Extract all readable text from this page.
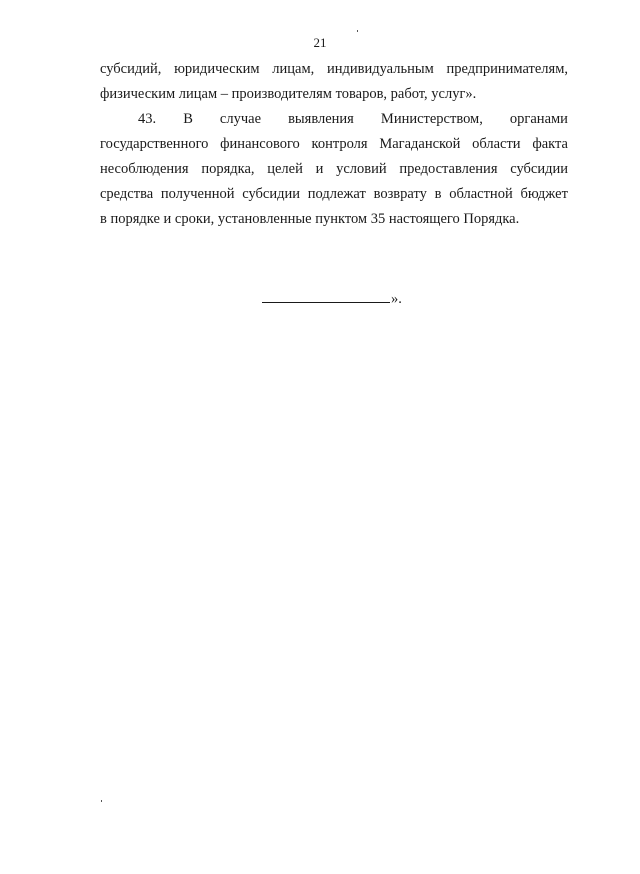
21
субсидий, юридическим лицам, индивидуальным предпринимателям,
физическим лицам – производителям товаров, работ, услуг».
43. В случае выявления Министерством, органами
государственного финансового контроля Магаданской области факта
несоблюдения порядка, целей и условий предоставления субсидии
средства полученной субсидии подлежат возврату в областной бюджет
в порядке и сроки, установленные пунктом 35 настоящего Порядка.
».
